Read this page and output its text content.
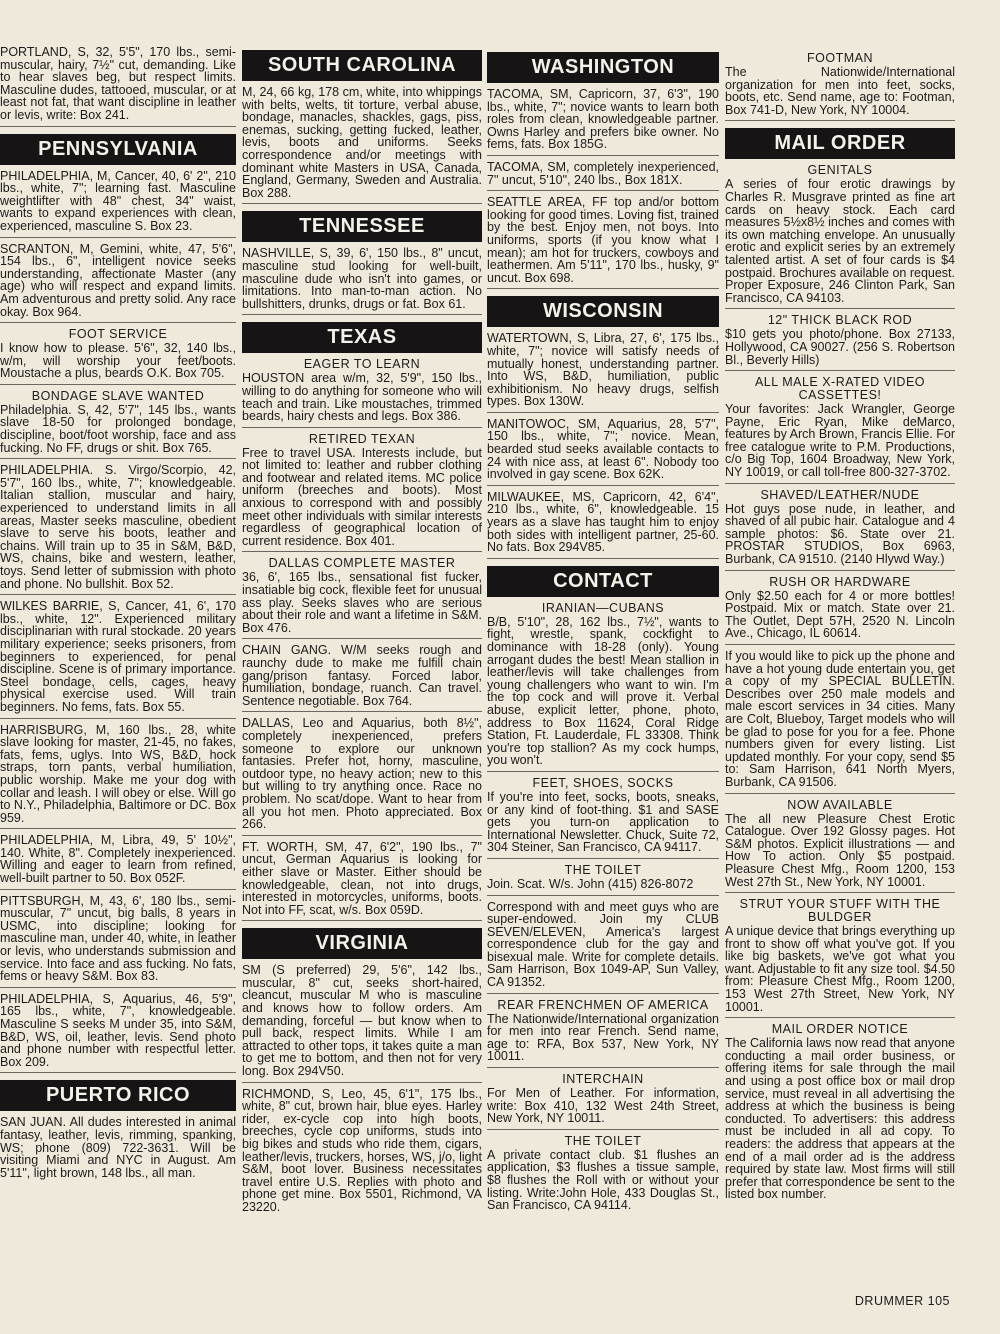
PORTLAND, S, 32, 5'5", 170 lbs., semi-muscular, hairy, 7½" cut, demanding. Like to hear slaves beg, but respect limits. Masculine dudes, tattooed, muscular, or at least not fat, that want discipline in leather or levis, write: Box 241.

PENNSYLVANIA

PHILADELPHIA, M, Cancer, 40, 6' 2", 210 lbs., white, 7"; learning fast. Masculine weightlifter with 48" chest, 34" waist, wants to expand experiences with clean, experienced, masculine S. Box 23.

SCRANTON, M, Gemini, white, 47, 5'6", 154 lbs., 6", intelligent novice seeks understanding, affectionate Master (any age) who will respect and expand limits. Am adventurous and pretty solid. Any race okay. Box 964.

FOOT SERVICE

I know how to please. 5'6", 32, 140 lbs., w/m, will worship your feet/boots. Moustache a plus, beards O.K. Box 705.

BONDAGE SLAVE WANTED

Philadelphia. S, 42, 5'7", 145 lbs., wants slave 18-50 for prolonged bondage, discipline, boot/foot worship, face and ass fucking. No FF, drugs or shit. Box 765.

PHILADELPHIA. S. Virgo/Scorpio, 42, 5'7", 160 lbs., white, 7"; knowledgeable. Italian stallion, muscular and hairy, experienced to understand limits in all areas, Master seeks masculine, obedient slave to serve his boots, leather and chains. Will train up to 35 in S&M, B&D, WS, chains, bike and western, leather, toys. Send letter of submission with photo and phone. No bullshit. Box 52.

WILKES BARRIE, S, Cancer, 41, 6', 170 lbs., white, 12". Experienced military disciplinarian with rural stockade. 20 years military experience; seeks prisoners, from beginners to experienced, for penal discipline. Scene is of primary importance. Steel bondage, cells, cages, heavy physical exercise used. Will train beginners. No fems, fats. Box 55.

HARRISBURG, M, 160 lbs., 28, white slave looking for master, 21-45, no fakes, fats, fems, uglys. Into WS, B&D, hock straps, torn pants, verbal humiliation, public worship. Make me your dog with collar and leash. I will obey or else. Will go to N.Y., Philadelphia, Baltimore or DC. Box 959.

PHILADELPHIA, M, Libra, 49, 5' 10½", 140. White, 8". Completely inexperienced. Willing and eager to learn from refined, well-built partner to 50. Box 052F.

PITTSBURGH, M, 43, 6', 180 lbs., semi-muscular, 7" uncut, big balls, 8 years in USMC, into discipline; looking for masculine man, under 40, white, in leather or levis, who understands submission and service. Into face and ass fucking. No fats, fems or heavy S&M. Box 83.

PHILADELPHIA, S, Aquarius, 46, 5'9", 165 lbs., white, 7", knowledgeable. Masculine S seeks M under 35, into S&M, B&D, WS, oil, leather, levis. Send photo and phone number with respectful letter. Box 209.

PUERTO RICO

SAN JUAN. All dudes interested in animal fantasy, leather, levis, rimming, spanking, WS; phone (809) 722-3631. Will be visiting Miami and NYC in August. Am 5'11", light brown, 148 lbs., all man.

SOUTH CAROLINA

M, 24, 66 kg, 178 cm, white, into whippings with belts, welts, tit torture, verbal abuse, bondage, manacles, shackles, gags, piss, enemas, sucking, getting fucked, leather, levis, boots and uniforms. Seeks correspondence and/or meetings with dominant white Masters in USA, Canada, England, Germany, Sweden and Australia. Box 288.

TENNESSEE

NASHVILLE, S, 39, 6', 150 lbs., 8" uncut, masculine stud looking for well-built, masculine dude who isn't into games, or limitations. Into man-to-man action. No bullshitters, drunks, drugs or fat. Box 61.

TEXAS
EAGER TO LEARN

HOUSTON area w/m, 32, 5'9", 150 lbs., willing to do anything for someone who will teach and train. Like moustaches, trimmed beards, hairy chests and legs. Box 386.

RETIRED TEXAN

Free to travel USA. Interests include, but not limited to: leather and rubber clothing and footwear and related items. MC police uniform (breeches and boots). Most anxious to correspond with and possibly meet other individuals with similar interests regardless of geographical location of current residence. Box 401.

DALLAS COMPLETE MASTER

36, 6', 165 lbs., sensational fist fucker, insatiable big cock, flexible feet for unusual ass play. Seeks slaves who are serious about their role and want a lifetime in S&M. Box 476.

CHAIN GANG. W/M seeks rough and raunchy dude to make me fulfill chain gang/prison fantasy. Forced labor, humiliation, bondage, ruanch. Can travel. Sentence negotiable. Box 764.

DALLAS, Leo and Aquarius, both 8½", completely inexperienced, prefers someone to explore our unknown fantasies. Prefer hot, horny, masculine, outdoor type, no heavy action; new to this but willing to try anything once. Race no problem. No scat/dope. Want to hear from all you hot men. Photo appreciated. Box 266.

FT. WORTH, SM, 47, 6'2", 190 lbs., 7" uncut, German Aquarius is looking for either slave or Master. Either should be knowledgeable, clean, not into drugs, interested in motorcycles, uniforms, boots. Not into FF, scat, w/s. Box 059D.

VIRGINIA

SM (S preferred) 29, 5'6", 142 lbs., muscular, 8" cut, seeks short-haired, cleancut, muscular M who is masculine and knows how to follow orders. Am demanding, forceful — but know when to pull back, respect limits. While I am attracted to other tops, it takes quite a man to get me to bottom, and then not for very long. Box 294V50.

RICHMOND, S, Leo, 45, 6'1", 175 lbs., white, 8" cut, brown hair, blue eyes. Harley rider, ex-cycle cop into high boots, breeches, cycle cop uniforms, studs into big bikes and studs who ride them, cigars, leather/levis, truckers, horses, WS, j/o, light S&M, boot lover. Business necessitates travel entire U.S. Replies with photo and phone get mine. Box 5501, Richmond, VA 23220.

WASHINGTON

TACOMA, SM, Capricorn, 37, 6'3", 190 lbs., white, 7"; novice wants to learn both roles from clean, knowledgeable partner. Owns Harley and prefers bike owner. No fems, fats. Box 185G.

TACOMA, SM, completely inexperienced, 7" uncut, 5'10", 240 lbs., Box 181X.

SEATTLE AREA, FF top and/or bottom looking for good times. Loving fist, trained by the best. Enjoy men, not boys. Into uniforms, sports (if you know what I mean); am hot for truckers, cowboys and leathermen. Am 5'11", 170 lbs., husky, 9" uncut. Box 698.

WISCONSIN

WATERTOWN, S, Libra, 27, 6', 175 lbs., white, 7"; novice will satisfy needs of mutually honest, understanding partner. Into WS, B&D, humiliation, public exhibitionism. No heavy drugs, selfish types. Box 130W.

MANITOWOC, SM, Aquarius, 28, 5'7", 150 lbs., white, 7"; novice. Mean, bearded stud seeks available contacts to 24 with nice ass, at least 6". Nobody too involved in gay scene. Box 62K.

MILWAUKEE, MS, Capricorn, 42, 6'4", 210 lbs., white, 6", knowledgeable. 15 years as a slave has taught him to enjoy both sides with intelligent partner, 25-60. No fats. Box 294V85.

CONTACT
IRANIAN—CUBANS

B/B, 5'10", 28, 162 lbs., 7½", wants to fight, wrestle, spank, cockfight to dominance with 18-28 (only). Young arrogant dudes the best! Mean stallion in leather/levis will take challenges from young challengers who want to win. I'm the top cock and will prove it. Verbal abuse, explicit letter, phone, photo, address to Box 11624, Coral Ridge Station, Ft. Lauderdale, FL 33308. Think you're top stallion? As my cock humps, you won't.

FEET, SHOES, SOCKS

If you're into feet, socks, boots, sneaks, or any kind of foot-thing. $1 and SASE gets you turn-on application to International Newsletter. Chuck, Suite 72, 304 Steiner, San Francisco, CA 94117.

THE TOILET

Join. Scat. W/s. John (415) 826-8072

Correspond with and meet guys who are super-endowed. Join my CLUB SEVEN/ELEVEN, America's largest correspondence club for the gay and bisexual male. Write for complete details. Sam Harrison, Box 1049-AP, Sun Valley, CA 91352.

REAR FRENCHMEN OF AMERICA

The Nationwide/International organization for men into rear French. Send name, age to: RFA, Box 537, New York, NY 10011.

INTERCHAIN

For Men of Leather. For information, write: Box 410, 132 West 24th Street, New York, NY 10011.

THE TOILET

A private contact club. $1 flushes an application, $3 flushes a tissue sample, $8 flushes the Roll with or without your listing. Write:John Hole, 433 Douglas St., San Francisco, CA 94114.

FOOTMAN

The Nationwide/International organization for men into feet, socks, boots, etc. Send name, age to: Footman, Box 741-D, New York, NY 10004.

MAIL ORDER
GENITALS

A series of four erotic drawings by Charles R. Musgrave printed as fine art cards on heavy stock. Each card measures 5½x8½ inches and comes with its own matching envelope. An unusually erotic and explicit series by an extremely talented artist. A set of four cards is $4 postpaid. Brochures available on request. Proper Exposure, 246 Clinton Park, San Francisco, CA 94103.

12" THICK BLACK ROD

$10 gets you photo/phone. Box 27133, Hollywood, CA 90027. (256 S. Robertson Bl., Beverly Hills)

ALL MALE X-RATED VIDEO CASSETTES!

Your favorites: Jack Wrangler, George Payne, Eric Ryan, Mike deMarco, features by Arch Brown, Francis Ellie. For free catalogue write to P.M. Productions, c/o Big Top, 1604 Broadway, New York, NY 10019, or call toll-free 800-327-3702.

SHAVED/LEATHER/NUDE

Hot guys pose nude, in leather, and shaved of all pubic hair. Catalogue and 4 sample photos: $6. State over 21. PROSTAR STUDIOS, Box 6963, Burbank, CA 91510. (2140 Hlywd Way.)

RUSH OR HARDWARE

Only $2.50 each for 4 or more bottles! Postpaid. Mix or match. State over 21. The Outlet, Dept 57H, 2520 N. Lincoln Ave., Chicago, IL 60614.

If you would like to pick up the phone and have a hot young dude entertain you, get a copy of my SPECIAL BULLETIN. Describes over 250 male models and male escort services in 34 cities. Many are Colt, Blueboy, Target models who will be glad to pose for you for a fee. Phone numbers given for every listing. List updated monthly. For your copy, send $5 to: Sam Harrison, 641 North Myers, Burbank, CA 91506.

NOW AVAILABLE

The all new Pleasure Chest Erotic Catalogue. Over 192 Glossy pages. Hot S&M photos. Explicit illustrations — and How To action. Only $5 postpaid. Pleasure Chest Mfg., Room 1200, 153 West 27th St., New York, NY 10001.

STRUT YOUR STUFF WITH THE BULDGER

A unique device that brings everything up front to show off what you've got. If you like big baskets, we've got what you want. Adjustable to fit any size tool. $4.50 from: Pleasure Chest Mfg., Room 1200, 153 West 27th Street, New York, NY 10001.

MAIL ORDER NOTICE

The California laws now read that anyone conducting a mail order business, or offering items for sale through the mail and using a post office box or mail drop service, must reveal in all advertising the address at which the business is being conducted. To advertisers: this address must be included in all ad copy. To readers: the address that appears at the end of a mail order ad is the address required by state law. Most firms will still prefer that correspondence be sent to the listed box number.

DRUMMER 105
